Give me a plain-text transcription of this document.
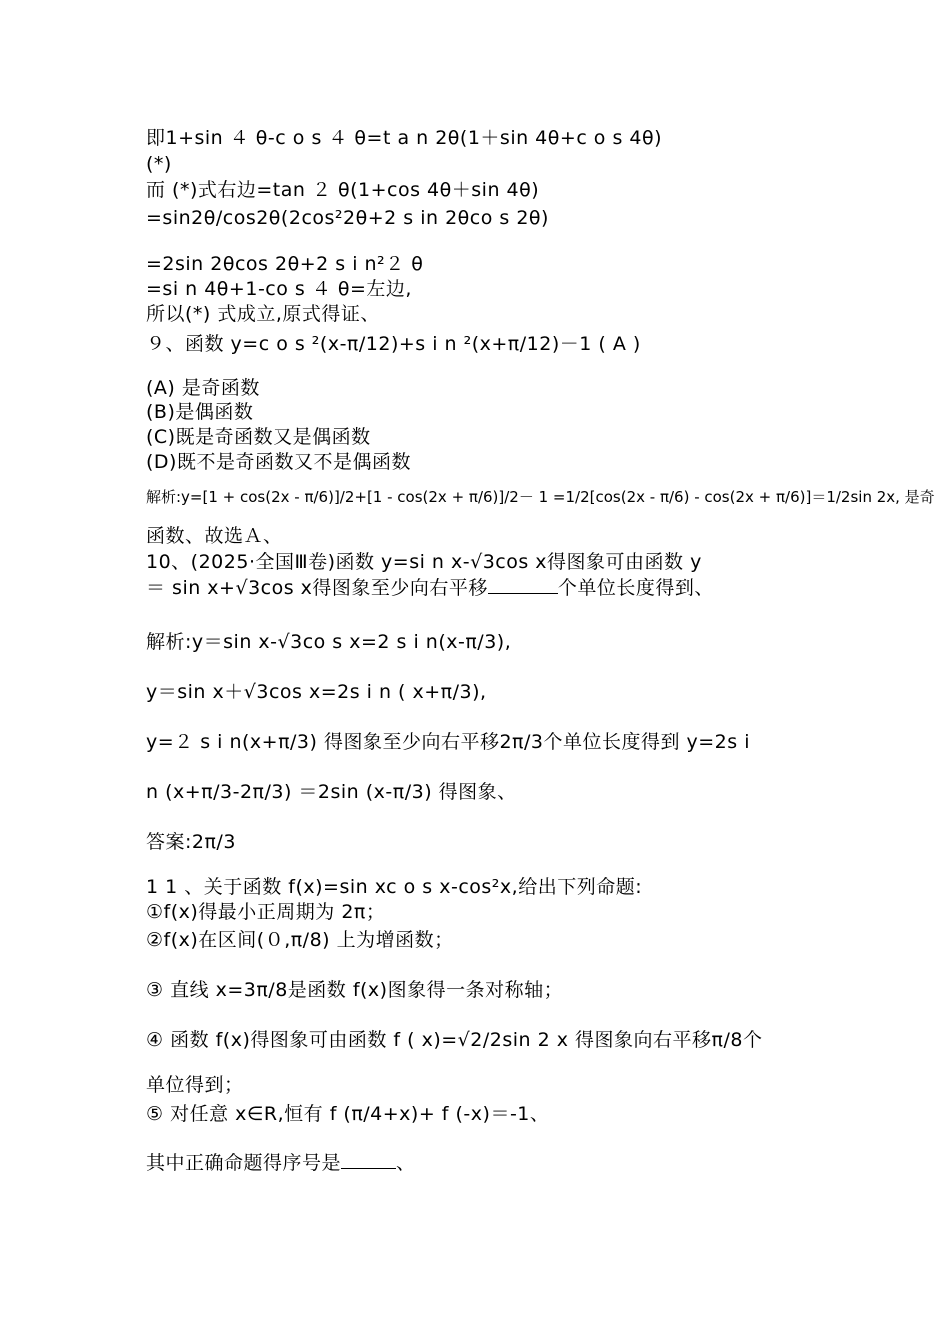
即1+sin ４ θ-c o s ４ θ=t a n 2θ(1＋sin 4θ+c o s 4θ)
(*)
而 (*)式右边=tan ２ θ(1+cos 4θ＋sin 4θ)
=sin2θ/cos2θ(2cos²2θ+2 s in 2θco s 2θ)
=2sin 2θcos 2θ+2 s i n²２ θ
=si n 4θ+1-co s ４ θ=左边,
所以(*) 式成立,原式得证、
９、函数 y=c o s ²(x-π/12)+s i n ²(x+π/12)－1 ( A )
(A) 是奇函数
(B)是偶函数
(C)既是奇函数又是偶函数
(D)既不是奇函数又不是偶函数
解析:y=[1 + cos(2x - π/6)]/2+[1 - cos(2x + π/6)]/2－ 1 =1/2[cos(2x - π/6) - cos(2x + π/6)]＝1/2sin 2x, 是奇
函数、故选Ａ、
10、(2025·全国Ⅲ卷)函数 y=si n x-√3cos x得图象可由函数 y
＝ sin x+√3cos x得图象至少向右平移	个单位长度得到、
解析:y＝sin x-√3co s x=2 s i n(x-π/3),
y＝sin x＋√3cos x=2s i n ( x+π/3),
y=２ s i n(x+π/3) 得图象至少向右平移2π/3个单位长度得到 y=2s i
n (x+π/3-2π/3) ＝2sin (x-π/3) 得图象、
答案:2π/3
1 1 、关于函数 f(x)=sin xc o s x-cos²x,给出下列命题:
①f(x)得最小正周期为 2π；
②f(x)在区间(０,π/8) 上为增函数；
③ 直线 x=3π/8是函数 f(x)图象得一条对称轴；
④ 函数 f(x)得图象可由函数 f ( x)=√2/2sin 2 x 得图象向右平移π/8个
单位得到；
⑤ 对任意 x∈R,恒有 f (π/4+x)+ f (-x)＝-1、
其中正确命题得序号是	、
